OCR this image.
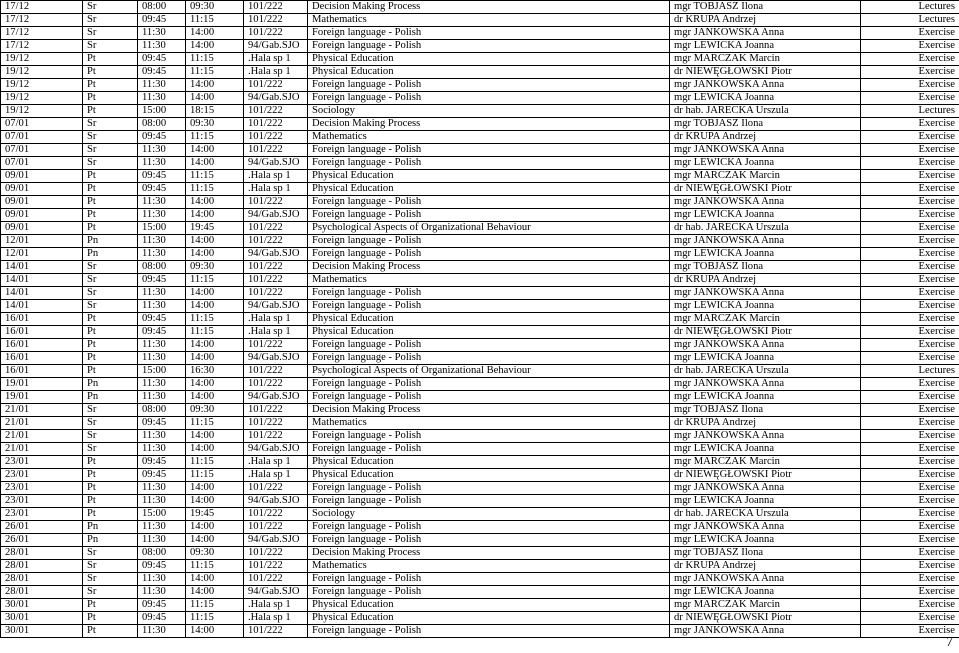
17/12	Śr	08:00	09:30	101/222	Decision Making Process	mgr TOBJASZ Ilona	Lectures
17/12	Śr	09:45	11:15	101/222	Mathematics	dr KRUPA Andrzej	Lectures
17/12	Śr	11:30	14:00	101/222	Foreign language - Polish	mgr JANKOWSKA Anna	Exercise
17/12	Śr	11:30	14:00	94/Gab.SJO	Foreign language - Polish	mgr LEWICKA Joanna	Exercise
19/12	Pt	09:45	11:15	.Hala sp 1	Physical Education	mgr MARCZAK Marcin	Exercise
19/12	Pt	09:45	11:15	.Hala sp 1	Physical Education	dr NIEWĘGŁOWSKI Piotr	Exercise
19/12	Pt	11:30	14:00	101/222	Foreign language - Polish	mgr JANKOWSKA Anna	Exercise
19/12	Pt	11:30	14:00	94/Gab.SJO	Foreign language - Polish	mgr LEWICKA Joanna	Exercise
19/12	Pt	15:00	18:15	101/222	Sociology	dr hab. JARECKA Urszula	Lectures
07/01	Śr	08:00	09:30	101/222	Decision Making Process	mgr TOBJASZ Ilona	Exercise
07/01	Śr	09:45	11:15	101/222	Mathematics	dr KRUPA Andrzej	Exercise
07/01	Śr	11:30	14:00	101/222	Foreign language - Polish	mgr JANKOWSKA Anna	Exercise
07/01	Śr	11:30	14:00	94/Gab.SJO	Foreign language - Polish	mgr LEWICKA Joanna	Exercise
09/01	Pt	09:45	11:15	.Hala sp 1	Physical Education	mgr MARCZAK Marcin	Exercise
09/01	Pt	09:45	11:15	.Hala sp 1	Physical Education	dr NIEWĘGŁOWSKI Piotr	Exercise
09/01	Pt	11:30	14:00	101/222	Foreign language - Polish	mgr JANKOWSKA Anna	Exercise
09/01	Pt	11:30	14:00	94/Gab.SJO	Foreign language - Polish	mgr LEWICKA Joanna	Exercise
09/01	Pt	15:00	19:45	101/222	Psychological Aspects of Organizational Behaviour	dr hab. JARECKA Urszula	Exercise
12/01	Pn	11:30	14:00	101/222	Foreign language - Polish	mgr JANKOWSKA Anna	Exercise
12/01	Pn	11:30	14:00	94/Gab.SJO	Foreign language - Polish	mgr LEWICKA Joanna	Exercise
14/01	Śr	08:00	09:30	101/222	Decision Making Process	mgr TOBJASZ Ilona	Exercise
14/01	Śr	09:45	11:15	101/222	Mathematics	dr KRUPA Andrzej	Exercise
14/01	Śr	11:30	14:00	101/222	Foreign language - Polish	mgr JANKOWSKA Anna	Exercise
14/01	Śr	11:30	14:00	94/Gab.SJO	Foreign language - Polish	mgr LEWICKA Joanna	Exercise
16/01	Pt	09:45	11:15	.Hala sp 1	Physical Education	mgr MARCZAK Marcin	Exercise
16/01	Pt	09:45	11:15	.Hala sp 1	Physical Education	dr NIEWĘGŁOWSKI Piotr	Exercise
16/01	Pt	11:30	14:00	101/222	Foreign language - Polish	mgr JANKOWSKA Anna	Exercise
16/01	Pt	11:30	14:00	94/Gab.SJO	Foreign language - Polish	mgr LEWICKA Joanna	Exercise
16/01	Pt	15:00	16:30	101/222	Psychological Aspects of Organizational Behaviour	dr hab. JARECKA Urszula	Lectures
19/01	Pn	11:30	14:00	101/222	Foreign language - Polish	mgr JANKOWSKA Anna	Exercise
19/01	Pn	11:30	14:00	94/Gab.SJO	Foreign language - Polish	mgr LEWICKA Joanna	Exercise
21/01	Śr	08:00	09:30	101/222	Decision Making Process	mgr TOBJASZ Ilona	Exercise
21/01	Śr	09:45	11:15	101/222	Mathematics	dr KRUPA Andrzej	Exercise
21/01	Śr	11:30	14:00	101/222	Foreign language - Polish	mgr JANKOWSKA Anna	Exercise
21/01	Śr	11:30	14:00	94/Gab.SJO	Foreign language - Polish	mgr LEWICKA Joanna	Exercise
23/01	Pt	09:45	11:15	.Hala sp 1	Physical Education	mgr MARCZAK Marcin	Exercise
23/01	Pt	09:45	11:15	.Hala sp 1	Physical Education	dr NIEWĘGŁOWSKI Piotr	Exercise
23/01	Pt	11:30	14:00	101/222	Foreign language - Polish	mgr JANKOWSKA Anna	Exercise
23/01	Pt	11:30	14:00	94/Gab.SJO	Foreign language - Polish	mgr LEWICKA Joanna	Exercise
23/01	Pt	15:00	19:45	101/222	Sociology	dr hab. JARECKA Urszula	Exercise
26/01	Pn	11:30	14:00	101/222	Foreign language - Polish	mgr JANKOWSKA Anna	Exercise
26/01	Pn	11:30	14:00	94/Gab.SJO	Foreign language - Polish	mgr LEWICKA Joanna	Exercise
28/01	Śr	08:00	09:30	101/222	Decision Making Process	mgr TOBJASZ Ilona	Exercise
28/01	Śr	09:45	11:15	101/222	Mathematics	dr KRUPA Andrzej	Exercise
28/01	Śr	11:30	14:00	101/222	Foreign language - Polish	mgr JANKOWSKA Anna	Exercise
28/01	Śr	11:30	14:00	94/Gab.SJO	Foreign language - Polish	mgr LEWICKA Joanna	Exercise
30/01	Pt	09:45	11:15	.Hala sp 1	Physical Education	mgr MARCZAK Marcin	Exercise
30/01	Pt	09:45	11:15	.Hala sp 1	Physical Education	dr NIEWĘGŁOWSKI Piotr	Exercise
30/01	Pt	11:30	14:00	101/222	Foreign language - Polish	mgr JANKOWSKA Anna	Exercise
7
